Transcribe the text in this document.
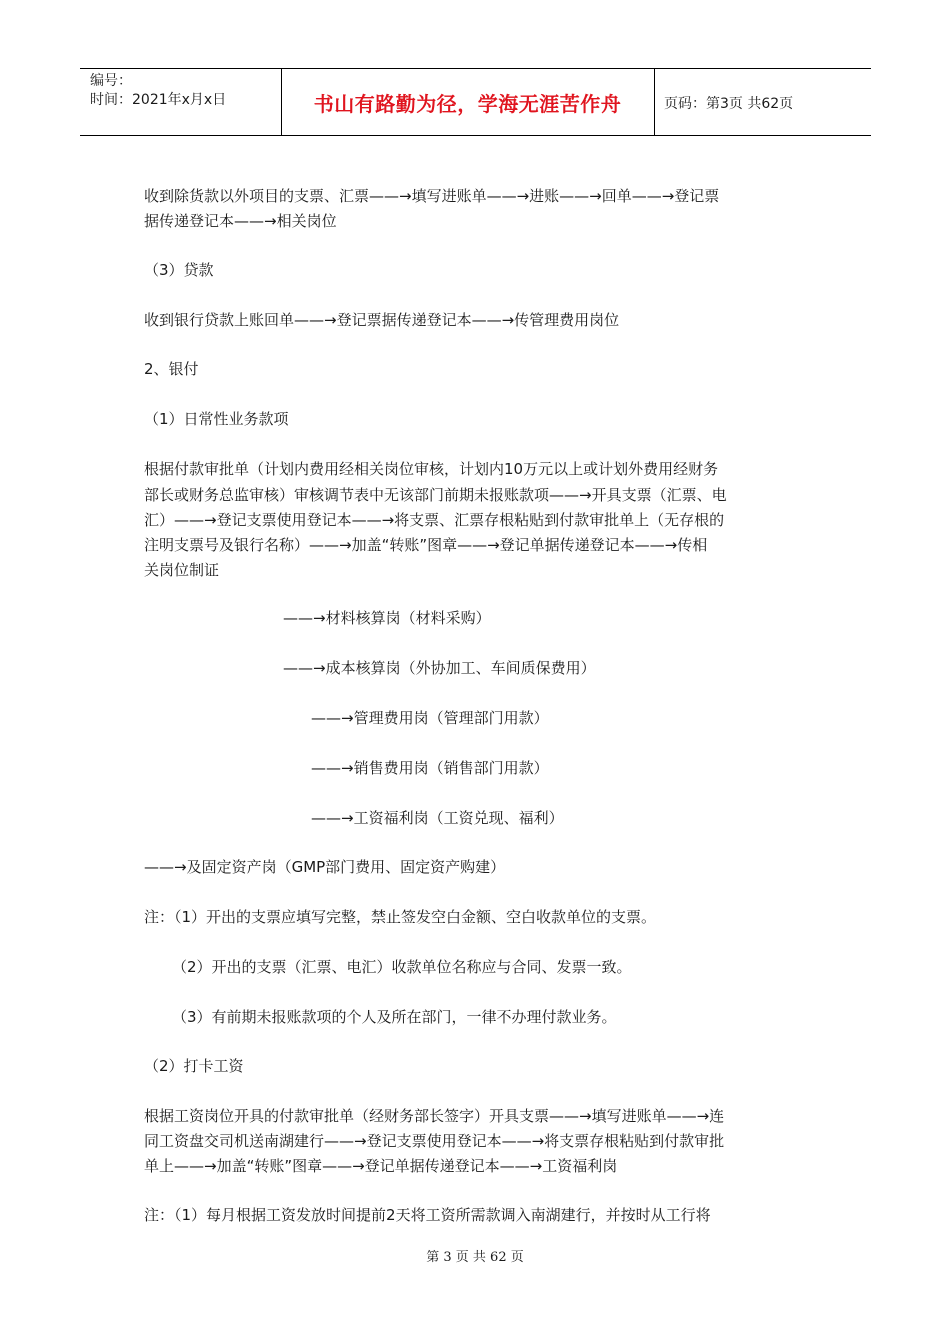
编号：
时间：2021年x月x日	书山有路勤为径，学海无涯苦作舟	页码：第3页 共62页
收到除货款以外项目的支票、汇票——→填写进账单——→进账——→回单——→登记票
据传递登记本——→相关岗位
（3）贷款
收到银行贷款上账回单——→登记票据传递登记本——→传管理费用岗位
2、银付
（1）日常性业务款项
根据付款审批单（计划内费用经相关岗位审核，计划内10万元以上或计划外费用经财务
部长或财务总监审核）审核调节表中无该部门前期未报账款项——→开具支票（汇票、电
汇）——→登记支票使用登记本——→将支票、汇票存根粘贴到付款审批单上（无存根的
注明支票号及银行名称）——→加盖“转账”图章——→登记单据传递登记本——→传相
关岗位制证
——→材料核算岗（材料采购）
——→成本核算岗（外协加工、车间质保费用）
——→管理费用岗（管理部门用款）
——→销售费用岗（销售部门用款）
——→工资福利岗（工资兑现、福利）
——→及固定资产岗（GMP部门费用、固定资产购建）
注：（1）开出的支票应填写完整，禁止签发空白金额、空白收款单位的支票。
（2）开出的支票（汇票、电汇）收款单位名称应与合同、发票一致。
（3）有前期未报账款项的个人及所在部门，一律不办理付款业务。
（2）打卡工资
根据工资岗位开具的付款审批单（经财务部长签字）开具支票——→填写进账单——→连
同工资盘交司机送南湖建行——→登记支票使用登记本——→将支票存根粘贴到付款审批
单上——→加盖“转账”图章——→登记单据传递登记本——→工资福利岗
注：（1）每月根据工资发放时间提前2天将工资所需款调入南湖建行，并按时从工行将
第 3 页 共 62 页
